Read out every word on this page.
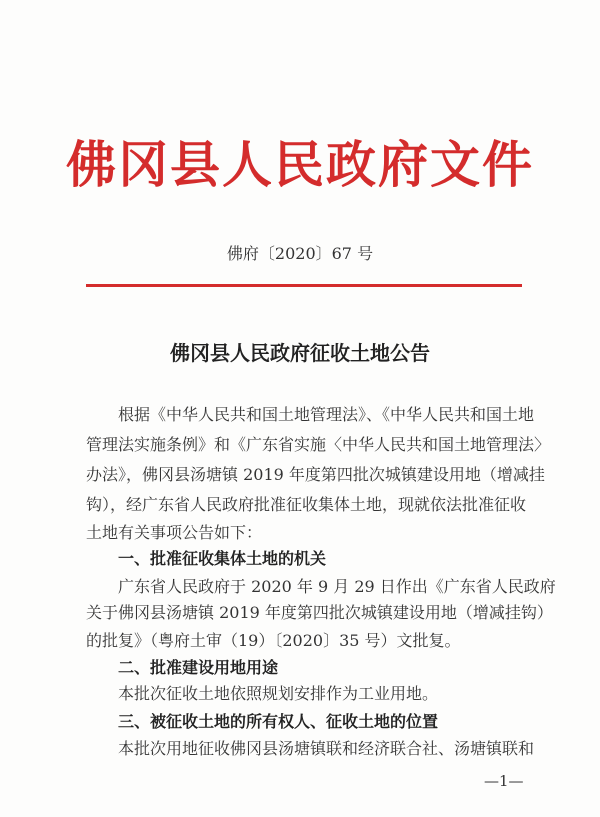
佛冈县人民政府文件
佛府〔2020〕67 号
佛冈县人民政府征收土地公告
根据《中华人民共和国土地管理法》、《中华人民共和国土地
管理法实施条例》和《广东省实施〈中华人民共和国土地管理法〉
办法》，佛冈县汤塘镇 2019 年度第四批次城镇建设用地（增减挂
钩），经广东省人民政府批准征收集体土地，现就依法批准征收
土地有关事项公告如下：
一、批准征收集体土地的机关
广东省人民政府于 2020 年 9 月 29 日作出《广东省人民政府
关于佛冈县汤塘镇 2019 年度第四批次城镇建设用地（增减挂钩）
的批复》（粤府土审（19）〔2020〕35 号）文批复。
二、批准建设用地用途
本批次征收土地依照规划安排作为工业用地。
三、被征收土地的所有权人、征收土地的位置
本批次用地征收佛冈县汤塘镇联和经济联合社、汤塘镇联和
—1—
